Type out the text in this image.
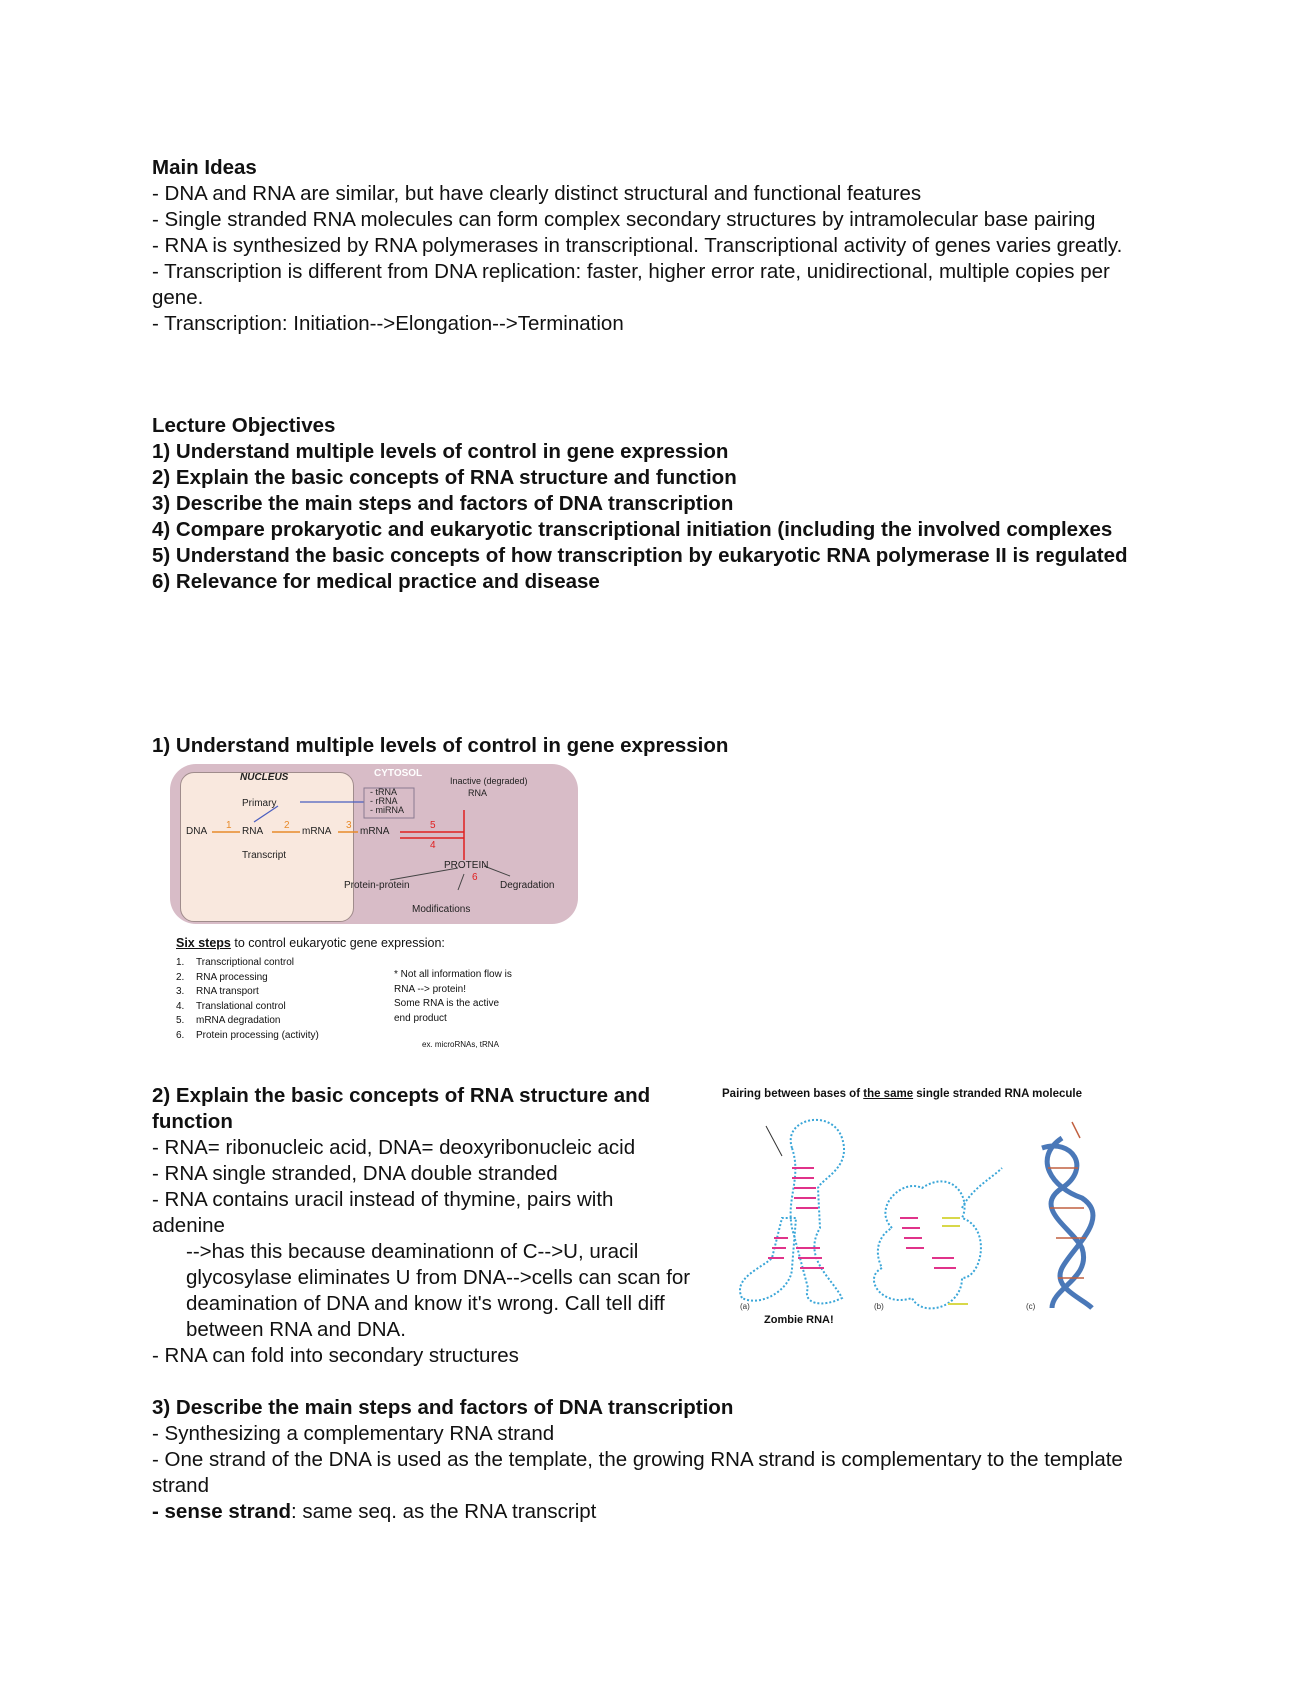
Main Ideas

- DNA and RNA are similar, but have clearly distinct structural and functional features

- Single stranded RNA molecules can form complex secondary structures by intramolecular base pairing

- RNA is synthesized by RNA polymerases in transcriptional. Transcriptional activity of genes varies greatly.

- Transcription is different from DNA replication: faster, higher error rate, unidirectional, multiple copies per gene.

- Transcription: Initiation-->Elongation-->Termination

Lecture Objectives

1) Understand multiple levels of control in gene expression

2) Explain the basic concepts of RNA structure and function

3) Describe the main steps and factors of DNA transcription

4) Compare prokaryotic and eukaryotic transcriptional initiation (including the involved complexes

5) Understand the basic concepts of how transcription by eukaryotic RNA polymerase II is regulated

6) Relevance for medical practice and disease

1) Understand multiple levels of control in gene expression

NUCLEUS	CYTOSOL
Primary
Transcript
DNA	RNA	mRNA	mRNA
- tRNA
- rRNA
- miRNA
Inactive (degraded)
RNA
PROTEIN
Protein-protein	Degradation
Modifications
1	2	3
4
5
6
Six steps to control eukaryotic gene expression:
1. Transcriptional control
2. RNA processing
3. RNA transport
4. Translational control
5. mRNA degradation
6. Protein processing (activity)
* Not all information flow is
RNA --> protein!
Some RNA is the active
end product
ex. microRNAs, tRNA

2) Explain the basic concepts of RNA structure and function

- RNA= ribonucleic acid, DNA= deoxyribonucleic acid

- RNA single stranded, DNA double stranded

- RNA contains uracil instead of thymine, pairs with adenine

-->has this because deaminationn of C-->U, uracil glycosylase eliminates U from DNA-->cells can scan for deamination of DNA and know it's wrong. Call tell diff between RNA and DNA.

- RNA can fold into secondary structures

Pairing between bases of the same single stranded RNA molecule
(a)	(b)	(c)
Zombie RNA!

3) Describe the main steps and factors of DNA transcription

- Synthesizing a complementary RNA strand

- One strand of the DNA is used as the template, the growing RNA strand is complementary to the template strand

- sense strand: same seq. as the RNA transcript
